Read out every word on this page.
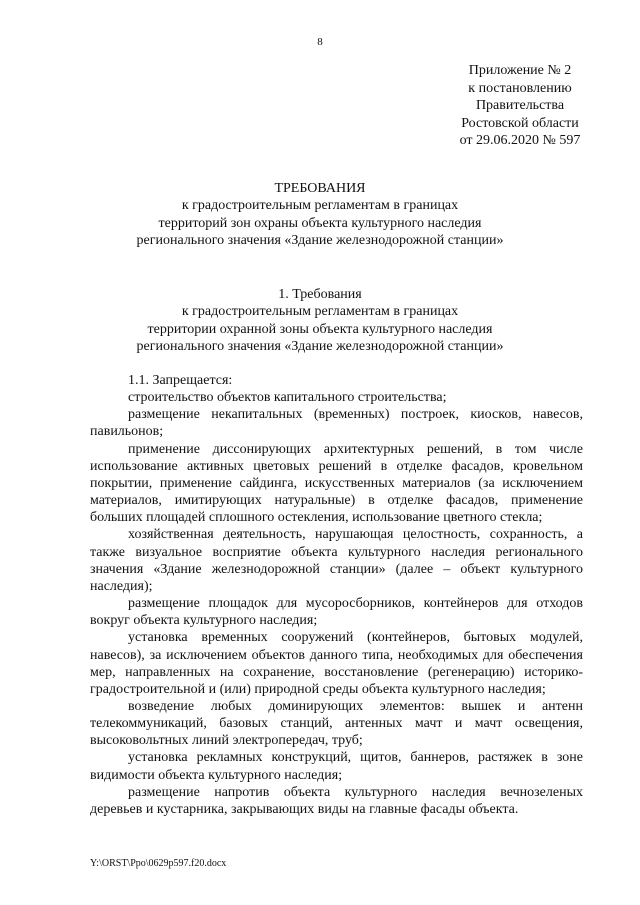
8
Приложение № 2
к постановлению
Правительства
Ростовской области
от 29.06.2020 № 597
ТРЕБОВАНИЯ
к градостроительным регламентам в границах
территорий зон охраны объекта культурного наследия
регионального значения «Здание железнодорожной станции»
1. Требования
к градостроительным регламентам в границах
территории охранной зоны объекта культурного наследия
регионального значения «Здание железнодорожной станции»

1.1. Запрещается:

строительство объектов капитального строительства;

размещение некапитальных (временных) построек, киосков, навесов, павильонов;

применение диссонирующих архитектурных решений, в том числе использование активных цветовых решений в отделке фасадов, кровельном покрытии, применение сайдинга, искусственных материалов (за исключением материалов, имитирующих натуральные) в отделке фасадов, применение больших площадей сплошного остекления, использование цветного стекла;

хозяйственная деятельность, нарушающая целостность, сохранность, а также визуальное восприятие объекта культурного наследия регионального значения «Здание железнодорожной станции» (далее – объект культурного наследия);

размещение площадок для мусоросборников, контейнеров для отходов вокруг объекта культурного наследия;

установка временных сооружений (контейнеров, бытовых модулей, навесов), за исключением объектов данного типа, необходимых для обеспечения мер, направленных на сохранение, восстановление (регенерацию) историко-градостроительной и (или) природной среды объекта культурного наследия;

возведение любых доминирующих элементов: вышек и антенн телекоммуникаций, базовых станций, антенных мачт и мачт освещения, высоковольтных линий электропередач, труб;

установка рекламных конструкций, щитов, баннеров, растяжек в зоне видимости объекта культурного наследия;

размещение напротив объекта культурного наследия вечнозеленых деревьев и кустарника, закрывающих виды на главные фасады объекта.

Y:\ORST\Ppo\0629p597.f20.docx
